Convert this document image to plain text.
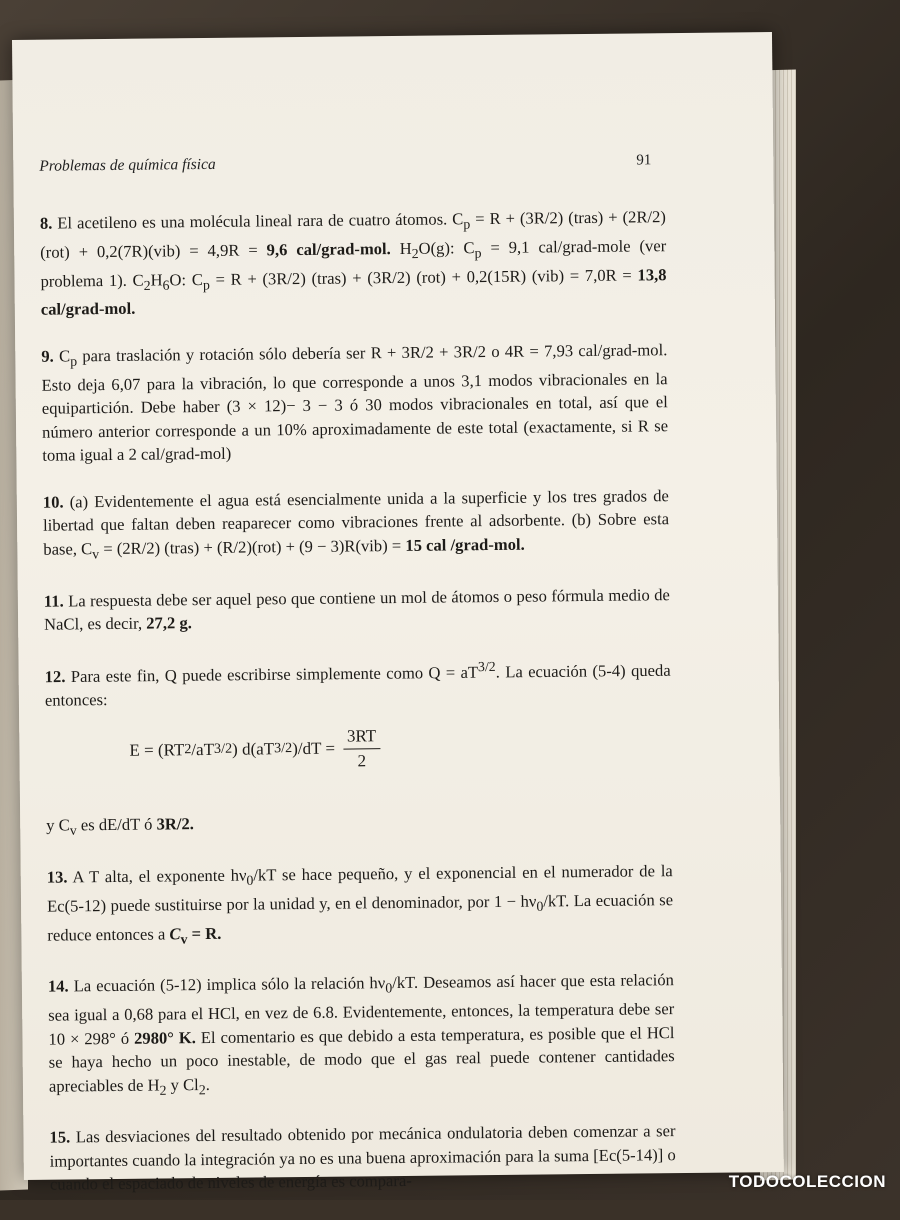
Problemas de química física	91

8. El acetileno es una molécula lineal rara de cuatro átomos. $C_p = R + (3R/2)$ (tras) + (2R/2)(rot) + 0,2(7R)(vib) = 4,9R = 9,6 cal/grad-mol. $H_2O(g)$: $C_p = 9,1$ cal/grad-mole (ver problema 1). $C_2H_6O$: $C_p = R + (3R/2)$ (tras) + (3R/2) (rot) + 0,2(15R) (vib) = 7,0R = 13,8 cal/grad-mol.

9. $C_p$ para traslación y rotación sólo debería ser R + 3R/2 + 3R/2 o 4R = 7,93 cal/grad-mol. Esto deja 6,07 para la vibración, lo que corresponde a unos 3,1 modos vibracionales en la equipartición. Debe haber (3 × 12)− 3 − 3 ó 30 modos vibracionales en total, así que el número anterior corresponde a un 10% aproximadamente de este total (exactamente, si R se toma igual a 2 cal/grad-mol)

10. (a) Evidentemente el agua está esencialmente unida a la superficie y los tres grados de libertad que faltan deben reaparecer como vibraciones frente al adsorbente. (b) Sobre esta base, $C_v = (2R/2)$ (tras) + (R/2)(rot) + (9 − 3)R(vib) = 15 cal /grad-mol.

11. La respuesta debe ser aquel peso que contiene un mol de átomos o peso fórmula medio de NaCl, es decir, 27,2 g.

12. Para este fin, Q puede escribirse simplemente como $Q = aT^{3/2}$. La ecuación (5-4) queda entonces:

E = (RT 2 /aT 3/2 ) d(aT 3/2 )$/dT = \frac{3RT}{2}$

y $C_v$ es dE/dT ó 3R/2.

13. A T alta, el exponente $h\nu_0/kT$ se hace pequeño, y el exponencial en el numerador de la Ec(5-12) puede sustituirse por la unidad y, en el denominador, por $1 - h\nu_0/kT$. La ecuación se reduce entonces a $C_v = R$.

14. La ecuación (5-12) implica sólo la relación $h\nu_0/kT$. Deseamos así hacer que esta relación sea igual a 0,68 para el HCl, en vez de 6.8. Evidentemente, entonces, la temperatura debe ser 10 × 298° ó 2980° K. El comentario es que debido a esta temperatura, es posible que el HCl se haya hecho un poco inestable, de modo que el gas real puede contener cantidades apreciables de $H_2$ y $Cl_2$.

15. Las desviaciones del resultado obtenido por mecánica ondulatoria deben comenzar a ser importantes cuando la integración ya no es una buena aproximación para la suma [Ec(5-14)] o cuando el espaciado de niveles de energía es compara-	TODOCOLECCION
